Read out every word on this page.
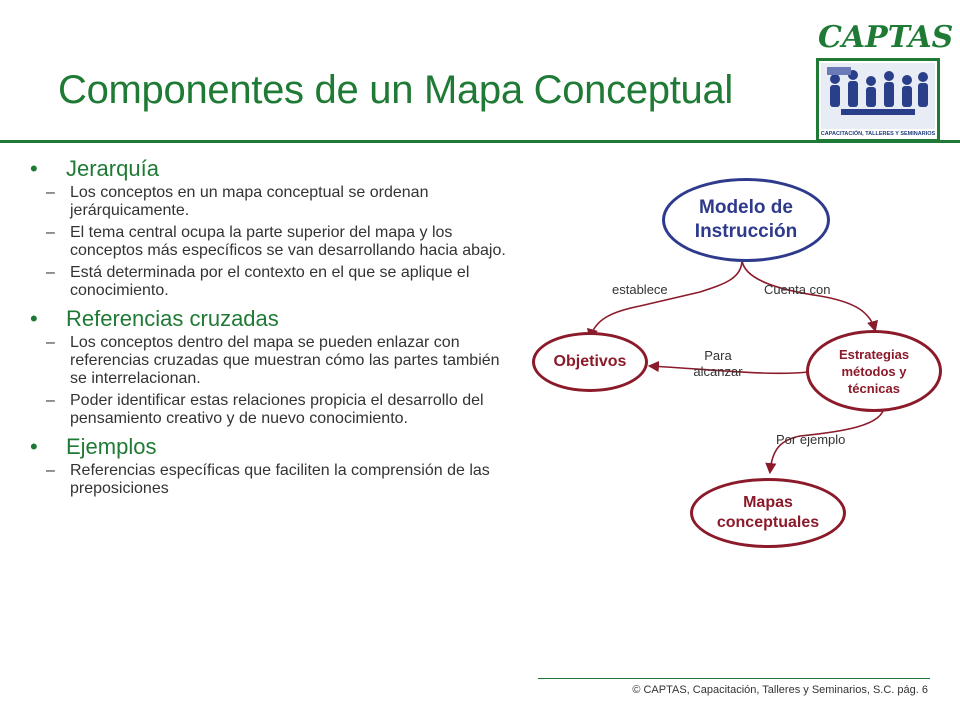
Componentes de un Mapa Conceptual
CAPTAS
CAPACITACIÓN, TALLERES Y SEMINARIOS
• Jerarquía
– Los conceptos en un mapa conceptual se ordenan jerárquicamente.
– El tema central ocupa la parte superior del mapa y los conceptos más específicos se van desarrollando hacia abajo.
– Está determinada por el contexto en el que se aplique el conocimiento.
• Referencias cruzadas
– Los conceptos dentro del mapa se pueden enlazar con referencias cruzadas que muestran cómo las partes también se interrelacionan.
– Poder identificar estas relaciones propicia el desarrollo del pensamiento creativo y de nuevo conocimiento.
• Ejemplos
– Referencias específicas que faciliten la comprensión de las preposiciones
Modelo de Instrucción
Objetivos	Estrategias métodos y técnicas
Mapas conceptuales
establece	Cuenta con
Para alcanzar
Por ejemplo
© CAPTAS, Capacitación, Talleres y Seminarios, S.C. pág. 6
